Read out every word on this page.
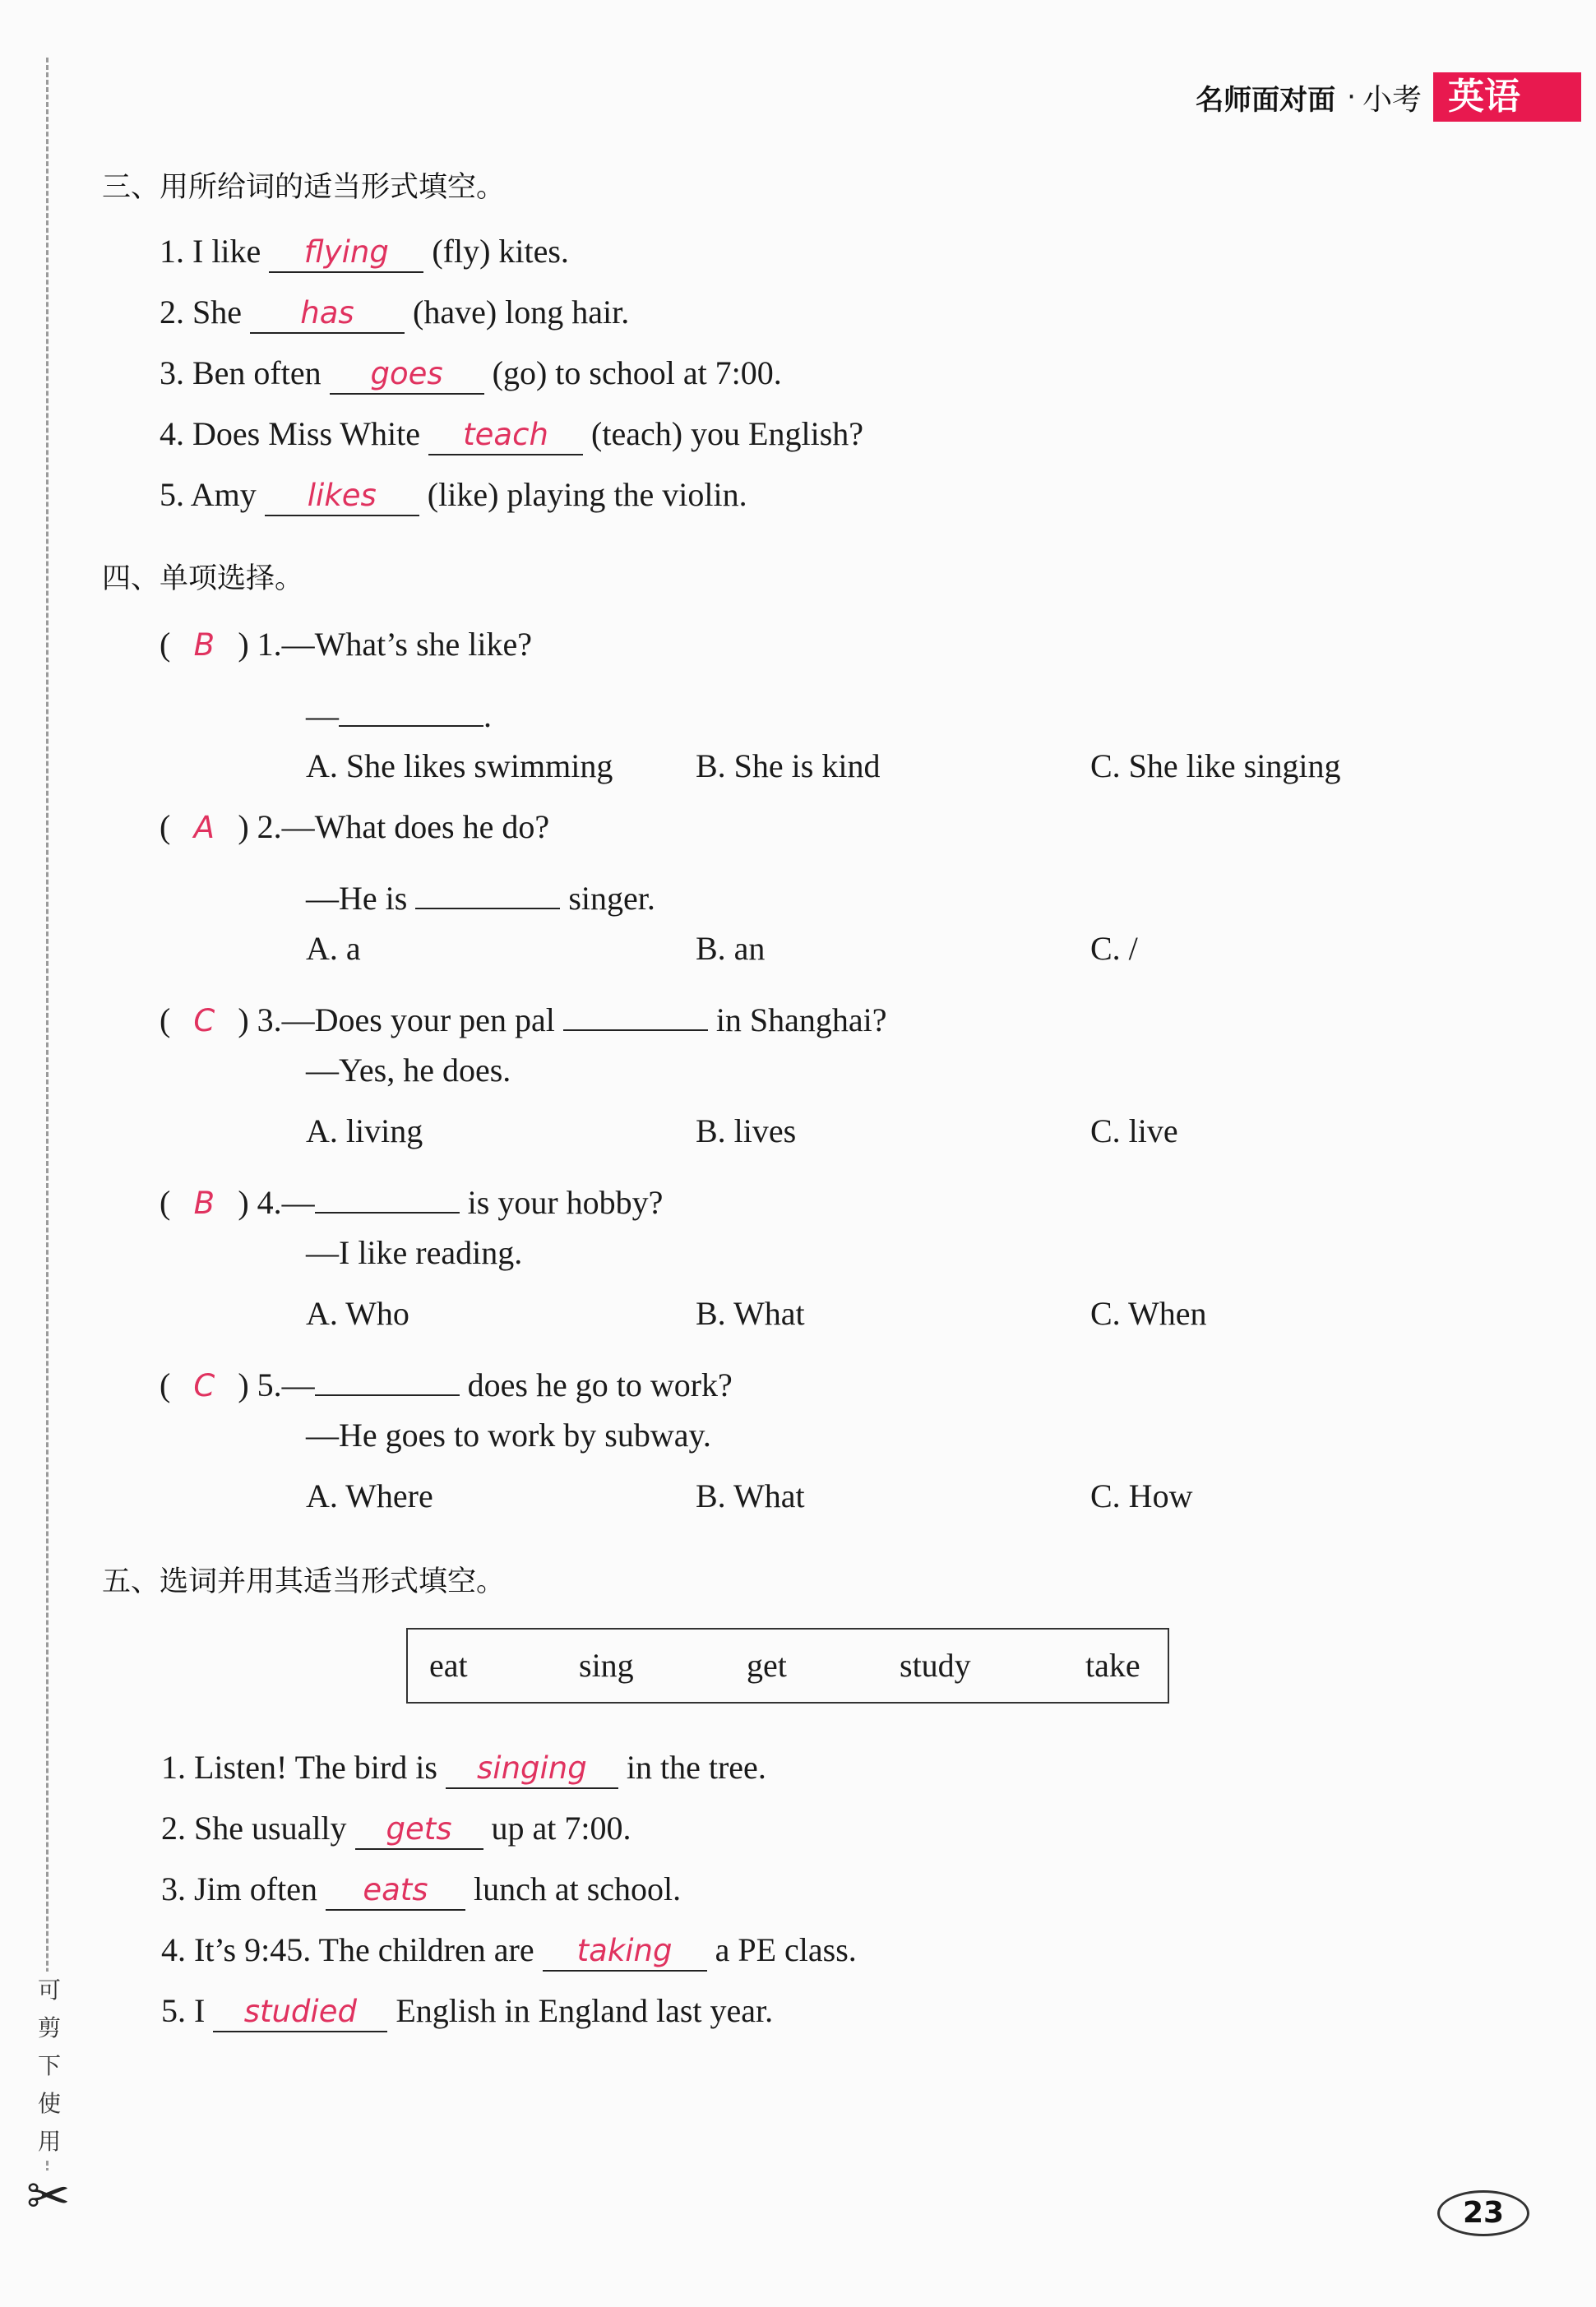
可
剪
下
使
用
✂
名师面对面 · 小考 英语
三、用所给词的适当形式填空。
1. I like flying (fly) kites.
2. She has (have) long hair.
3. Ben often goes (go) to school at 7:00.
4. Does Miss White teach (teach) you English?
5. Amy likes (like) playing the violin.
四、单项选择。
( B ) 1.—What’s she like?
—	.
A. She likes swimming	B. She is kind	C. She like singing
( A ) 2.—What does he do?
—He is	singer.
A. a	B. an	C. /
( C ) 3.—Does your pen pal	in Shanghai?
—Yes, he does.
A. living	B. lives	C. live
( B ) 4.—	is your hobby?
—I like reading.
A. Who	B. What	C. When
( C ) 5.—	does he go to work?
—He goes to work by subway.
A. Where	B. What	C. How
五、选词并用其适当形式填空。
eat	sing	get	study	take
1. Listen! The bird is singing in the tree.
2. She usually gets up at 7:00.
3. Jim often eats lunch at school.
4. It’s 9:45. The children are taking a PE class.
5. I studied English in England last year.
23
